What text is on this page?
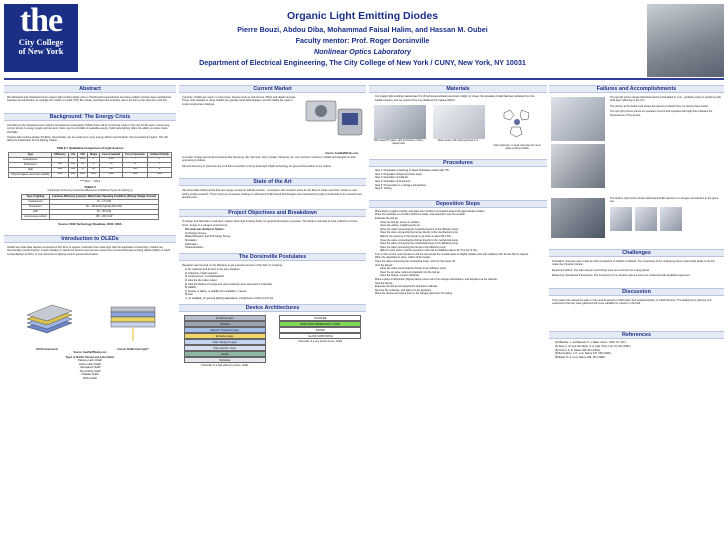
the
City College
of New York
Organic Light Emitting Diodes
Pierre Bouzi, Abdou Diba, Mohammad Faisal Halim, and Hassan M. Oubei
Faculty mentor: Prof. Roger Dorsinville
Nonlinear Optics Laboratory
Department of Electrical Engineering, The City College of New York / CUNY, New York, NY 10031
Abstract
We fabricated and characterized an organic light emitting diode using a Tris(8-hydroxyquinolinato) aluminium (Alq3) emissive layer sandwiched between two electrodes: an optically thin indium tin oxide (ITO) film anode, and below the emissive was in the form a thin aluminum (Al) film.
Background: The Energy Crisis
According to the Optoelectronics Industry Development Association (OIDA) there will be continuing crises in the next 10-20 years. Consuming current trends in energy supply and demand, there may be shortfalls of available energy. Solid state lighting offers the ability to reduce these shortfalls.
Organic light emitting diodes (OLEDs), theoretically, can be made to be more energy efficient and brighter, than incandescent lights. This will allow the substitution for the lighting market.
TABLE I: Qualitative Comparison of Light Sources
Type	Efficiency	Life	CRI	Shape	Cost of material	Cost of operation	Ambient friendly
Incandescent	*	*	*****	*	*****	*	*
Fluorescent	****	****	***	**	***	***	*
LED	*****	****	**	***	***	****	**
Polymer/organic electronics (OLED)	*****	*****	*****	*****	*****	*****	*****
***** Best * Worst
TABLE II
Comparison of the Key Conversion Efficiencies for Different Types of Lighting (s)
Type of lighting	Luminous Efficiency (Lumens / Watt) Under Operating Conditions (Driving Voltage, Current)
Incandescent	13 ~ 17 lm/W
Fluorescent	60 ~ 100 lm/W (typically 80 lm/W)
LED	30 ~ 90 lm/W
Low-pressure sodium	150 ~ 200 lm/W
Source: DOE Technology Roadmap, 2002, OIDA
Introduction to OLEDs
OLEDs are solid state devices composed of thin films of organic molecules that create light with the application of electricity. OLEDs can theoretically provide brighter, crisper displays on electronic devices and use less power than conventional light-emitting diodes (LEDs) or liquid crystal displays (LCDs), or even fluorescent lighting used in general illumination.
OLED Components	How do OLEDs Emit Light?
Source: HowStuffWorks.com
Types of OLEDs: Passive and Active Matrix
Passive-matrix OLED
Active-matrix OLED
Transparent OLED
Top-emitting OLED
Foldable OLED
White OLED
Current Market
Currently, OLEDs are used in small-screen devices such as cell phones, PDAs and digital cameras. These units capable of using OLEDs are typically hand-held displays, and all OLEDs are used in single small-screen displays.
Source: howStuffWorks.com
A number of large and small companies like Samsung, GE, Siemens, Sony, Kodak, Samsung, etc. are currently investing in OLED technologies for their sponsoring products.
GE and Samsung in particular are in OLED competition to bring white light OLED technology for general illumination to the market.
State of the Art
GE and Kodak OLED panels that were large enough for wall illumination - companies with research areas for the likes of Osram and Oslo. Osram is now selling similar research. Three Carrying companies working on advanced OLED based technologies and manufacturing high end transistors for research and development.
Project Objectives and Breakdown
To design and fabricate a multi-layer organic white light emitting diode, for general illumination purposes. The diode is intended to have a lifetime of a few hours, longer in a nitrogen environment.
The team was divided as follows:
Technology Survey
Market Research and Technology Survey
Simulation
Fabrication
Characterization
The Dorsinville Postulates
Research was focused on the following to get a broad overview of the field, by studying:
1) the materials and devices in the open literature
2) uniformity of light emission
3) luminescence, or photobleached
4) what the die colour output
5) what the lifetime of a large-size array (what are were interested in materials)
6) stability
7) devices or failure, or stability from oxidation, / causes
8) cost
=> as available, for general lighting applications, a brightness of 100 cd at 5 nits
Device Architectures
Protective layer
Cathode
Electron Transport Layer
Emissive Layer
Hole Transport Layer
Hole Injection Layer
Anode
Substrate
Schematic of a high efficiency device, OLED
CATHODE
ELECTROLUMINESCENT LAYER
ANODE
GLASS SUBSTRATE
Schematic of a very simple device, OLED
Materials
Our organic light emitting material was Tris (8-hydroxyquinolinato) aluminium (Alq3), for cheap, this deviation of Alq3 had been obtained from the Kodak company, and we ordered from it as obtained from Sigma-Aldrich.
Half coated ITO glass, with electrodes of silver-based paint
Glass square with Alq3 deposited on it
Alq3 molecules, in bead molecules for use in glass-emitting OLEDs
Procedures
Step 1: Preparation (cleaning) of Glass Substrates coated with ITO
Step 2: Deposition of Alq3 (emissive layer)
Step 3: Deposition of Cathode
Step 4: Deposition of Aluminium
Step 5: Preservation in a nitrogen atmosphere
Step 6: Testing
Deposition Steps
Place Alq3 in a glass crucible, and place the crucible in a tungsten boat at the approximate location.
Place the substrate on a holder (behind a mask), and suspend it over the crucible.
Evacuate the bell jar:
Close the bell jar, secure in position.
Close the valves, roughing pump on.
Close the valve connecting the mechanical pump to the diffusion pump.
Open the valve connecting the bell jar directly to the mechanical pump.
Wait for the pressure in the bell jar to go down to about 50 mTorr.
Close the valve connecting the bell jar directly to the mechanical pump.
Open the valve connecting the mechanical pump to the diffusion pump.
Open the valve connecting the bell jar to the diffusion pump.
Wait for some hours, until the pressure in the bell jar stabilizes about 10^-5 or 10^-6 Torr.
Turn on the current, and increase it until the coil around the crucible starts to slightly radiate color and suddenly start for the Alq3 to deposit.
When the deposition is done, switch off the heater.
Open the valve connecting the mechanical pump, and turn the power off.
Vent the bell jar:
Close the valve connecting the bell jar to the diffusion pump.
Open the air valve, letting air gradually into the bell jar.
Open the bell jar, remove substrate.
Place a piece of aluminium (Sigma) above some coil in the nitrogen atmosphere, and deposit it as the cathode.
Seal the bell jar.
Evacuate the bell jar and deposit the aluminium cathode.
Remove the substrate, and place it in the glovebox.
Place the devices and place them in the nitrogen glove box for testing.
Failures and Accomplishments
The top left picture shows fabricated devices that failed to emit - probably owing to problems with Alq3 layer adhering to the ITO.
The picture at the bottom left shows the typical a a diode from our testing that emitted.
The top right picture shows an operation current that operates faint light that indicates the fluorescence of the device.
The bottom right picture shows fabricated OLED devices in a nitrogen atmosphere in the glove box.
Challenges
Simulation: Attempts were made to code simulations of OLEDs in MatLab. The complexity of the underlying theory and limited ability to do this made the physical problem.
Equipment failure: The high-vacuum and bell jar were out of service for a long period.
Measuring Operational Parameters: The luminance of our devices was too low to be measured with available equipment.
Discussion
This project has trained the team in the several aspects of fabrication and characterization of OLED devices. The background, learning and experience that they have gathered will prove valuable for careers in the field.
References
[1] Mitschke, L. and Bauerle, P. J. Mater. Chem., 2000, 10, 1471.
[2] Tang, C. W. and Van Slyke, S. A. Appl. Phys. Lett. 51, 913 (1987).
[3] Forrest, S. R. Nature 428, 911 (2004).
[4] Burroughes, J. H. et al. Nature 347, 539 (1990).
[5] Baldo, M. A. et al. Nature 395, 151 (1998).
